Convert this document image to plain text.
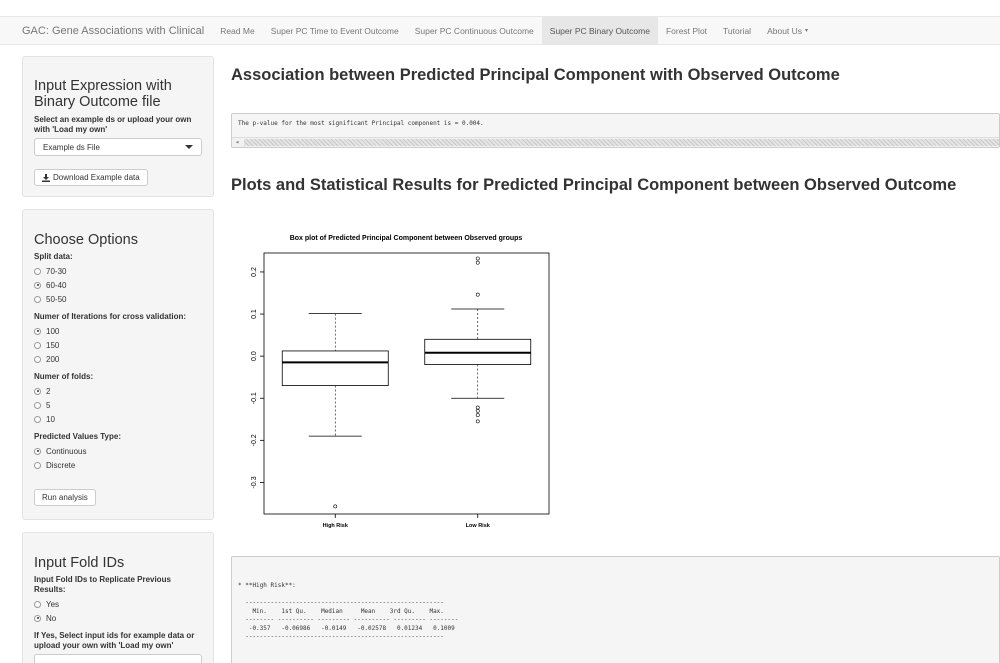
GAC: Gene Associations with Clinical	Read Me	Super PC Time to Event Outcome	Super PC Continuous Outcome	Super PC Binary Outcome	Forest Plot	Tutorial	About Us ▾
Input Expression with Binary Outcome file
Select an example ds or upload your own with 'Load my own'
Example ds File
Download Example data
Choose Options
Split data:
70-30
60-40
50-50
Numer of Iterations for cross validation:
100
150
200
Numer of folds:
2
5
10
Predicted Values Type:
Continuous
Discrete
Run analysis
Input Fold IDs
Input Fold IDs to Replicate Previous Results:
Yes
No
If Yes, Select input ids for example data or upload your own with 'Load my own'
Association between Predicted Principal Component with Observed Outcome
The p-value for the most significant Principal component is = 0.004.
◂
Plots and Statistical Results for Predicted Principal Component between Observed Outcome
Box plot of Predicted Principal Component between Observed groups
-0.3
-0.2
-0.1
0.0
0.1
0.2
High Risk	Low Risk
* **High Risk**:

-------------------------------------------------------
Min.    1st Qu.    Median     Mean    3rd Qu.    Max.
-------- ---------- --------- ---------- --------- --------
-0.357   -0.06986   -0.0149   -0.02578   0.01234   0.1009
-------------------------------------------------------
